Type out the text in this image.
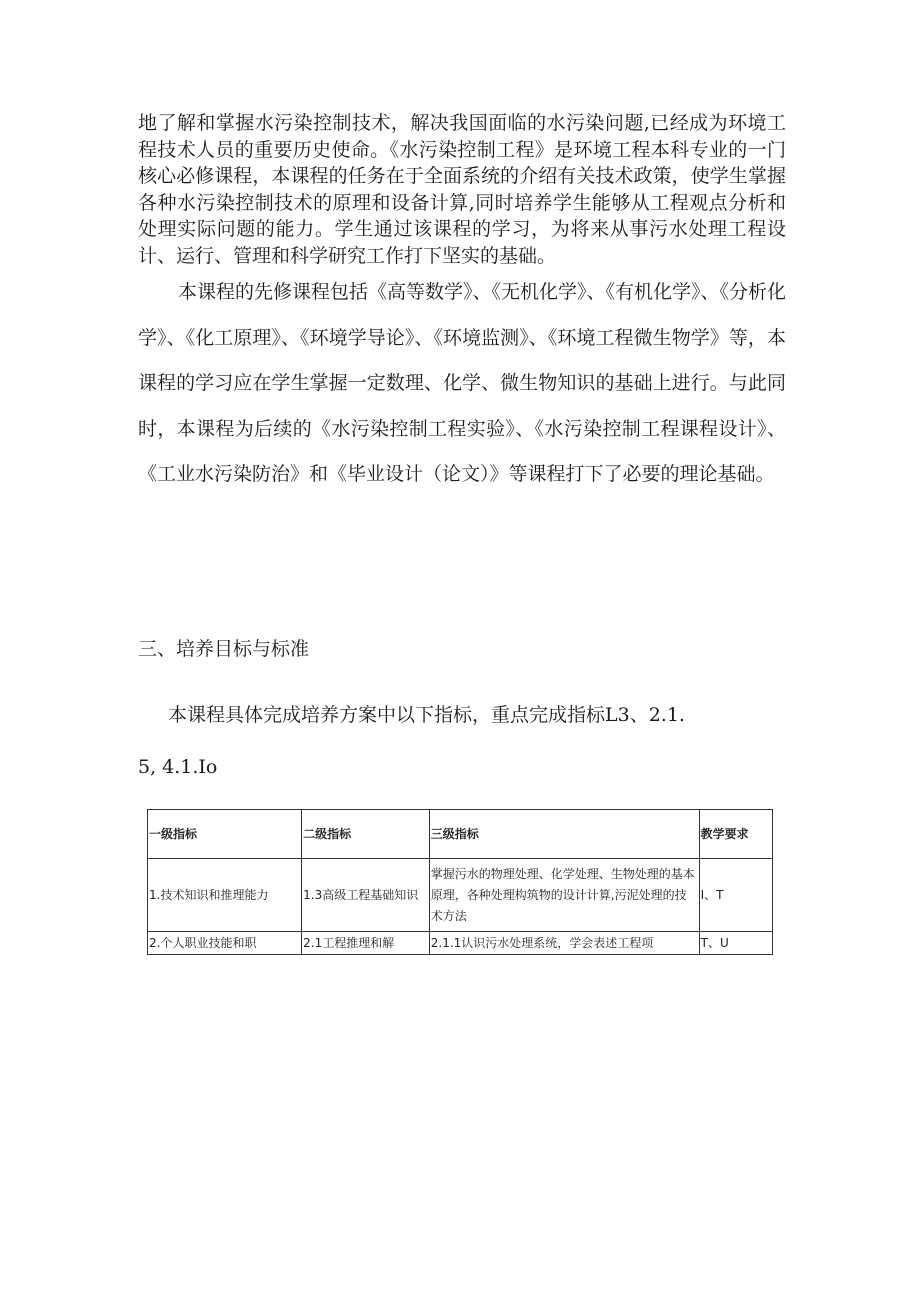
地了解和掌握水污染控制技术，解决我国面临的水污染问题,已经成为环境工程技术人员的重要历史使命。《水污染控制工程》是环境工程本科专业的一门核心必修课程，本课程的任务在于全面系统的介绍有关技术政策，使学生掌握各种水污染控制技术的原理和设备计算,同时培养学生能够从工程观点分析和处理实际问题的能力。学生通过该课程的学习，为将来从事污水处理工程设计、运行、管理和科学研究工作打下坚实的基础。

本课程的先修课程包括《高等数学》、《无机化学》、《有机化学》、《分析化学》、《化工原理》、《环境学导论》、《环境监测》、《环境工程微生物学》等，本课程的学习应在学生掌握一定数理、化学、微生物知识的基础上进行。与此同时，本课程为后续的《水污染控制工程实验》、《水污染控制工程课程设计》、《工业水污染防治》和《毕业设计（论文）》等课程打下了必要的理论基础。

三、培养目标与标准

本课程具体完成培养方案中以下指标，重点完成指标L3、2.1.5, 4.1.Io

一级指标	二级指标	三级指标	教学要求
1.技术知识和推理能力	1.3高级工程基础知识	掌握污水的物理处理、化学处理、生物处理的基本原理，各种处理构筑物的设计计算,污泥处理的技术方法	I、T
2.个人职业技能和职	2.1工程推理和解	2.1.1认识污水处理系统，学会表述工程项	T、U
